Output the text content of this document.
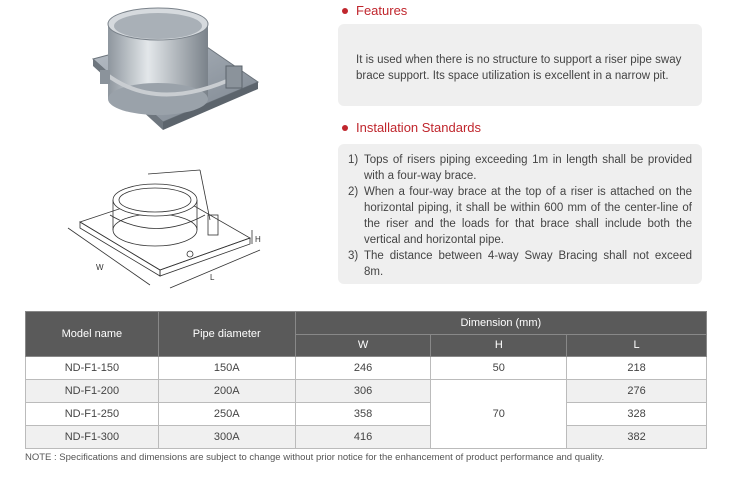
W
L
H
Features

It is used when there is no structure to support a riser pipe sway brace support. Its space utilization is excellent in a narrow pit.

Installation Standards
1) Tops of risers piping exceeding 1m in length shall be provided with a four-way brace.
2) When a four-way brace at the top of a riser is attached on the horizontal piping, it shall be within 600 mm of the center-line of the riser and the loads for that brace shall include both the vertical and horizontal pipe.
3) The distance between 4-way Sway Bracing shall not exceed 8m.
Model name	Pipe diameter	Dimension (mm)		
		W	H	L
ND-F1-150	150A	246	50	218
ND-F1-200	200A	306	70	276
ND-F1-250	250A	358		328
ND-F1-300	300A	416		382
NOTE : Specifications and dimensions are subject to change without prior notice for the enhancement of product performance and quality.
